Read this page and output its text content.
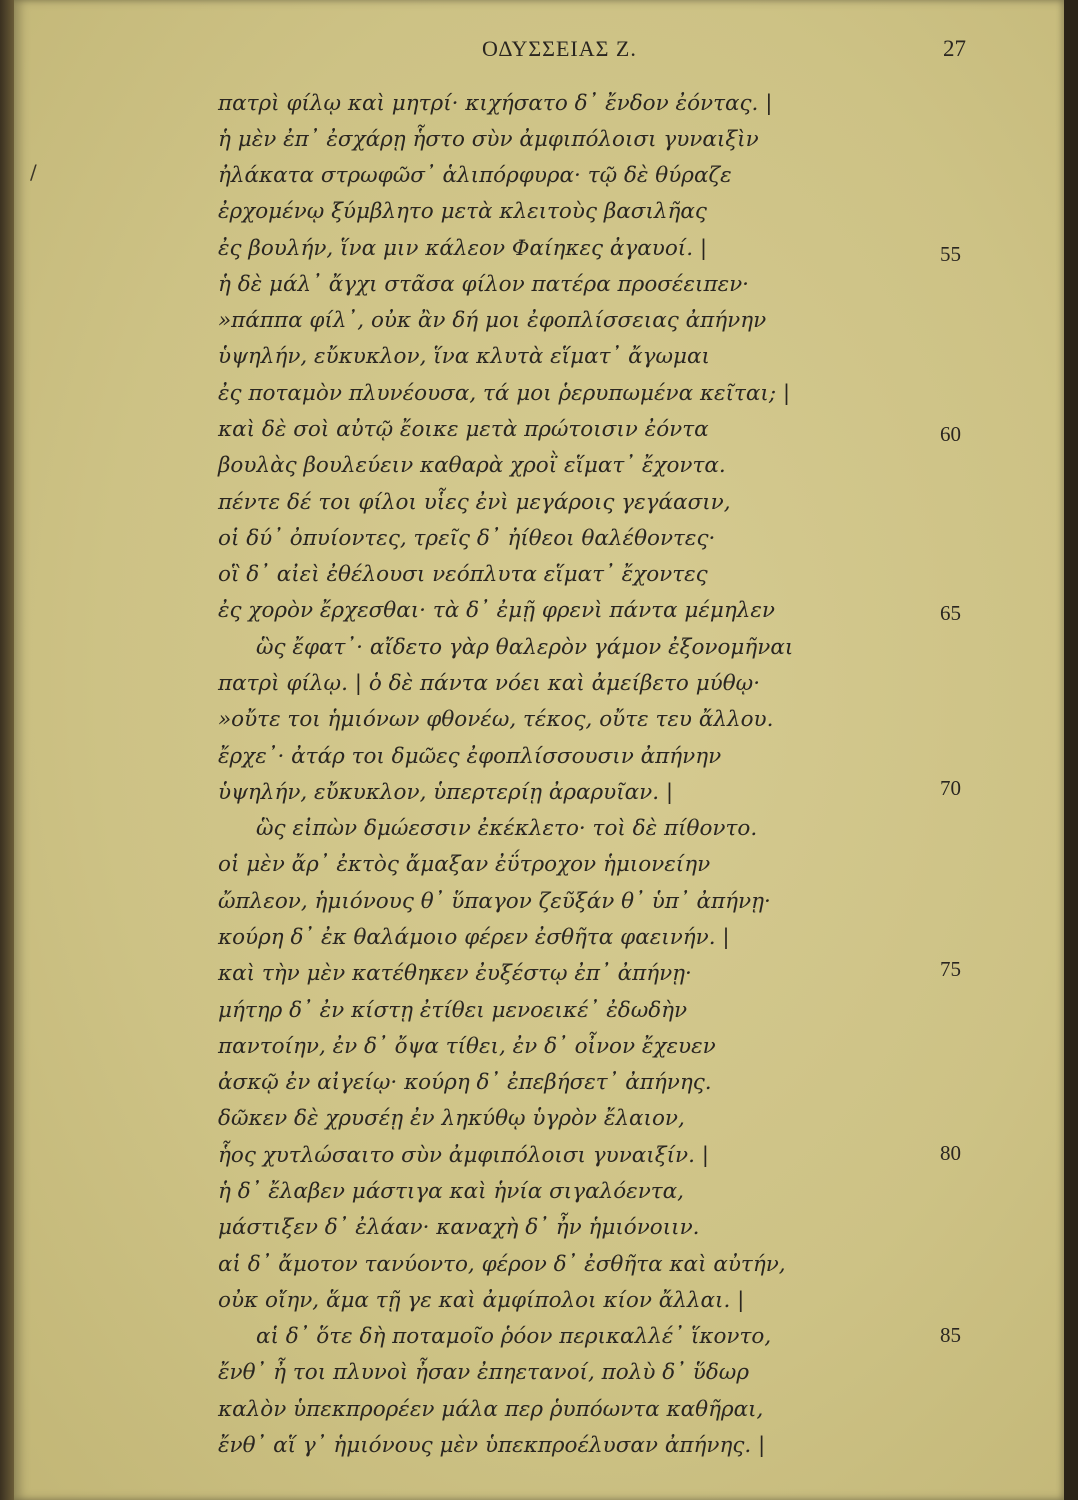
ΟΔΥΣΣΕΙΑΣ Ζ.	27
/
πατρὶ φίλῳ καὶ μητρί· κιχήσατο δ᾽ ἔνδον ἐόντας. |
ἡ μὲν ἐπ᾽ ἐσχάρῃ ἧστο σὺν ἀμφιπόλοισι γυναιξὶν
ἠλάκατα στρωφῶσ᾽ ἁλιπόρφυρα· τῷ δὲ θύραζε
ἐρχομένῳ ξύμβλητο μετὰ κλειτοὺς βασιλῆας
ἐς βουλήν, ἵνα μιν κάλεον Φαίηκες ἀγαυοί. |
ἡ δὲ μάλ᾽ ἄγχι στᾶσα φίλον πατέρα προσέειπεν·
»πάππα φίλ᾽, οὐκ ἂν δή μοι ἐφοπλίσσειας ἀπήνην
ὑψηλήν, εὔκυκλον, ἵνα κλυτὰ εἵματ᾽ ἄγωμαι
ἐς ποταμὸν πλυνέουσα, τά μοι ῥερυπωμένα κεῖται; |
καὶ δὲ σοὶ αὐτῷ ἔοικε μετὰ πρώτοισιν ἐόντα
βουλὰς βουλεύειν καθαρὰ χροῒ εἵματ᾽ ἔχοντα.
πέντε δέ τοι φίλοι υἷες ἐνὶ μεγάροις γεγάασιν,
οἱ δύ᾽ ὀπυίοντες, τρεῖς δ᾽ ἠίθεοι θαλέθοντες·
οἳ δ᾽ αἰεὶ ἐθέλουσι νεόπλυτα εἵματ᾽ ἔχοντες
ἐς χορὸν ἔρχεσθαι· τὰ δ᾽ ἐμῇ φρενὶ πάντα μέμηλεν
ὣς ἔφατ᾽· αἴδετο γὰρ θαλερὸν γάμον ἐξονομῆναι
πατρὶ φίλῳ. | ὁ δὲ πάντα νόει καὶ ἀμείβετο μύθῳ·
»οὔτε τοι ἡμιόνων φθονέω, τέκος, οὔτε τευ ἄλλου.
ἔρχε᾽· ἀτάρ τοι δμῶες ἐφοπλίσσουσιν ἀπήνην
ὑψηλήν, εὔκυκλον, ὑπερτερίῃ ἀραρυῖαν. |
ὣς εἰπὼν δμώεσσιν ἐκέκλετο· τοὶ δὲ πίθοντο.
οἱ μὲν ἄρ᾽ ἐκτὸς ἄμαξαν ἐΰτροχον ἡμιονείην
ὤπλεον, ἡμιόνους θ᾽ ὕπαγον ζεῦξάν θ᾽ ὑπ᾽ ἀπήνῃ·
κούρη δ᾽ ἐκ θαλάμοιο φέρεν ἐσθῆτα φαεινήν. |
καὶ τὴν μὲν κατέθηκεν ἐυξέστῳ ἐπ᾽ ἀπήνῃ·
μήτηρ δ᾽ ἐν κίστῃ ἐτίθει μενοεικέ᾽ ἐδωδὴν
παντοίην, ἐν δ᾽ ὄψα τίθει, ἐν δ᾽ οἶνον ἔχευεν
ἀσκῷ ἐν αἰγείῳ· κούρη δ᾽ ἐπεβήσετ᾽ ἀπήνης.
δῶκεν δὲ χρυσέῃ ἐν ληκύθῳ ὑγρὸν ἔλαιον,
ἧος χυτλώσαιτο σὺν ἀμφιπόλοισι γυναιξίν. |
ἡ δ᾽ ἔλαβεν μάστιγα καὶ ἡνία σιγαλόεντα,
μάστιξεν δ᾽ ἐλάαν· καναχὴ δ᾽ ἦν ἡμιόνοιιν.
αἱ δ᾽ ἄμοτον τανύοντο, φέρον δ᾽ ἐσθῆτα καὶ αὐτήν,
οὐκ οἴην, ἅμα τῇ γε καὶ ἀμφίπολοι κίον ἄλλαι. |
αἱ δ᾽ ὅτε δὴ ποταμοῖο ῥόον περικαλλέ᾽ ἵκοντο,
ἔνθ᾽ ἦ τοι πλυνοὶ ἦσαν ἐπηετανοί, πολὺ δ᾽ ὕδωρ
καλὸν ὑπεκπρορέεν μάλα περ ῥυπόωντα καθῆραι,
ἔνθ᾽ αἵ γ᾽ ἡμιόνους μὲν ὑπεκπροέλυσαν ἀπήνης. |
55
60
65
70
75
80
85
